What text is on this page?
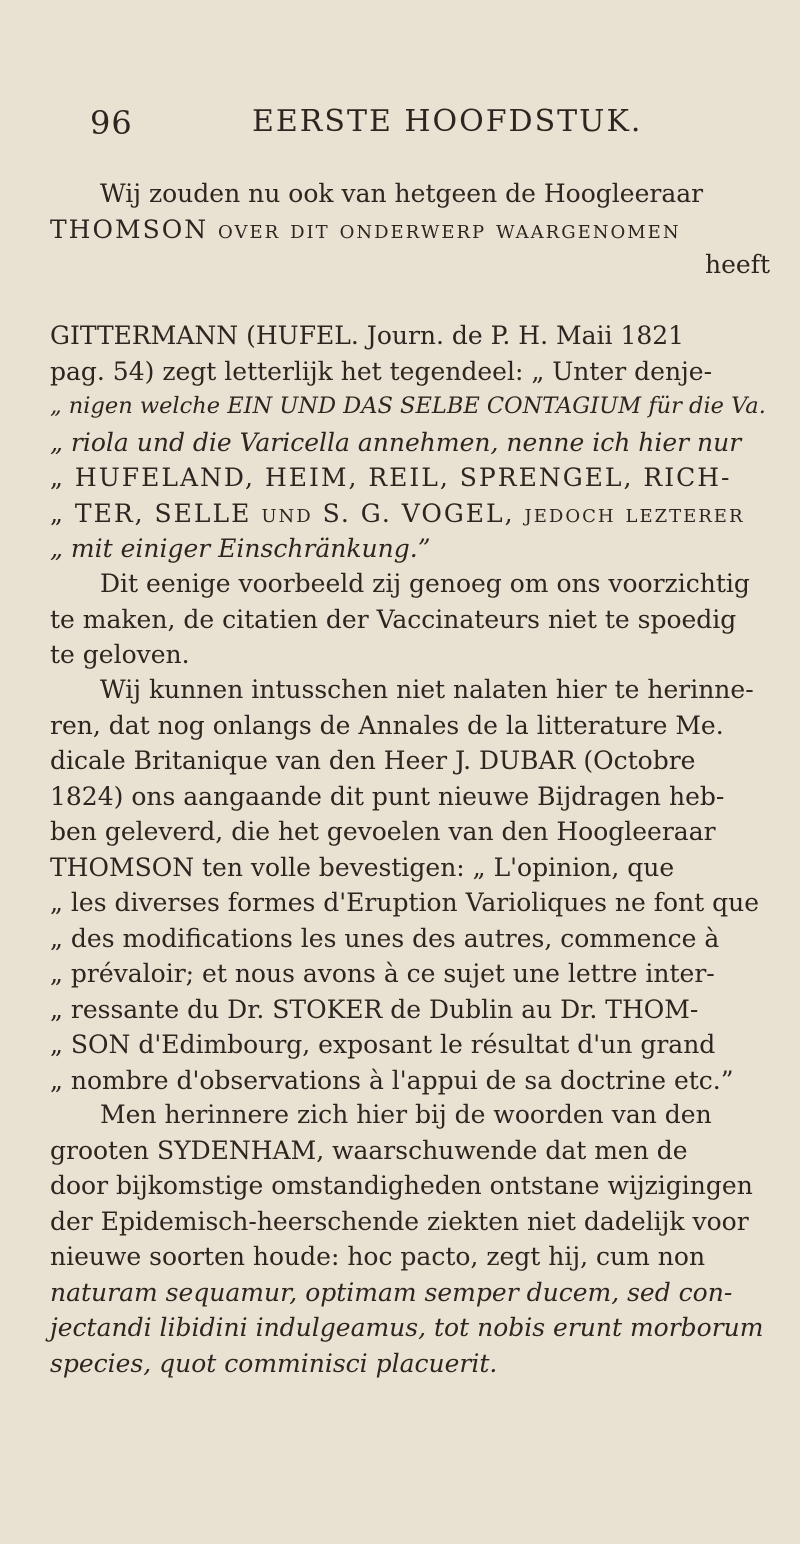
96	EERSTE HOOFDSTUK.
Wij zouden nu ook van hetgeen de Hoogleeraar
THOMSON over dit onderwerp waargenomen
heeft
GITTERMANN (HUFEL. Journ. de P. H. Maii 1821
pag. 54) zegt letterlijk het tegendeel: „ Unter denje-
„ nigen welche EIN UND DAS SELBE CONTAGIUM für die Va.
„ riola und die Varicella annehmen, nenne ich hier nur
„ HUFELAND, HEIM, REIL, SPRENGEL, RICH-
„ TER, SELLE und S. G. VOGEL, jedoch lezterer
„ mit einiger Einschränkung.”
Dit eenige voorbeeld zij genoeg om ons voorzichtig
te maken, de citatien der Vaccinateurs niet te spoedig
te geloven.
Wij kunnen intusschen niet nalaten hier te herinne-
ren, dat nog onlangs de Annales de la litterature Me.
dicale Britanique van den Heer J. DUBAR (Octobre
1824) ons aangaande dit punt nieuwe Bijdragen heb-
ben geleverd, die het gevoelen van den Hoogleeraar
THOMSON ten volle bevestigen: „ L'opinion, que
„ les diverses formes d'Eruption Varioliques ne font que
„ des modifications les unes des autres, commence à
„ prévaloir; et nous avons à ce sujet une lettre inter-
„ ressante du Dr. STOKER de Dublin au Dr. THOM-
„ SON d'Edimbourg, exposant le résultat d'un grand
„ nombre d'observations à l'appui de sa doctrine etc.”
Men herinnere zich hier bij de woorden van den
grooten SYDENHAM, waarschuwende dat men de
door bijkomstige omstandigheden ontstane wijzigingen
der Epidemisch-heerschende ziekten niet dadelijk voor
nieuwe soorten houde: hoc pacto, zegt hij, cum non
naturam sequamur, optimam semper ducem, sed con-
jectandi libidini indulgeamus, tot nobis erunt morborum
species, quot comminisci placuerit.
